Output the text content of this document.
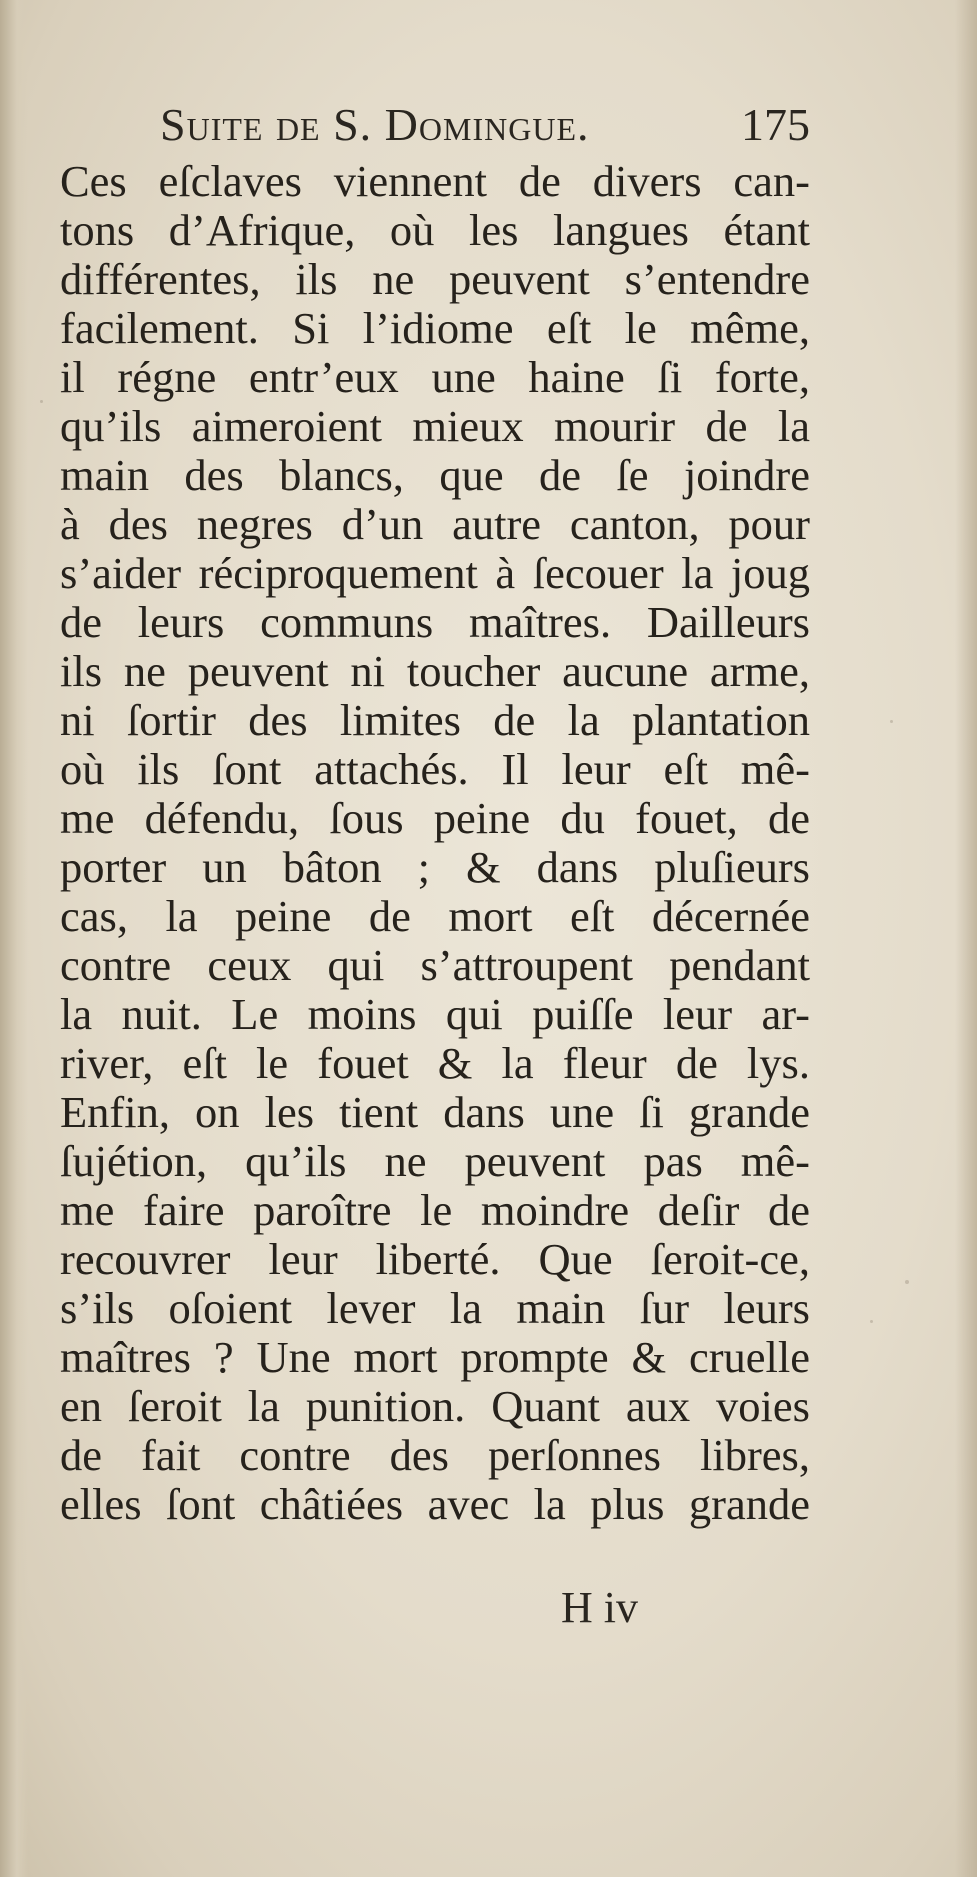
Suite de S. Domingue.	175
Ces eſclaves viennent de divers can-
tons d’Afrique, où les langues étant
différentes, ils ne peuvent s’entendre
facilement. Si l’idiome eſt le même,
il régne entr’eux une haine ſi forte,
qu’ils aimeroient mieux mourir de la
main des blancs, que de ſe joindre
à des negres d’un autre canton, pour
s’aider réciproquement à ſecouer la joug
de leurs communs maîtres. Dailleurs
ils ne peuvent ni toucher aucune arme,
ni ſortir des limites de la plantation
où ils ſont attachés. Il leur eſt mê-
me défendu, ſous peine du fouet, de
porter un bâton ; & dans pluſieurs
cas, la peine de mort eſt décernée
contre ceux qui s’attroupent pendant
la nuit. Le moins qui puiſſe leur ar-
river, eſt le fouet & la fleur de lys.
Enfin, on les tient dans une ſi grande
ſujétion, qu’ils ne peuvent pas mê-
me faire paroître le moindre deſir de
recouvrer leur liberté. Que ſeroit-ce,
s’ils oſoient lever la main ſur leurs
maîtres ? Une mort prompte & cruelle
en ſeroit la punition. Quant aux voies
de fait contre des perſonnes libres,
elles ſont châtiées avec la plus grande
H iv
